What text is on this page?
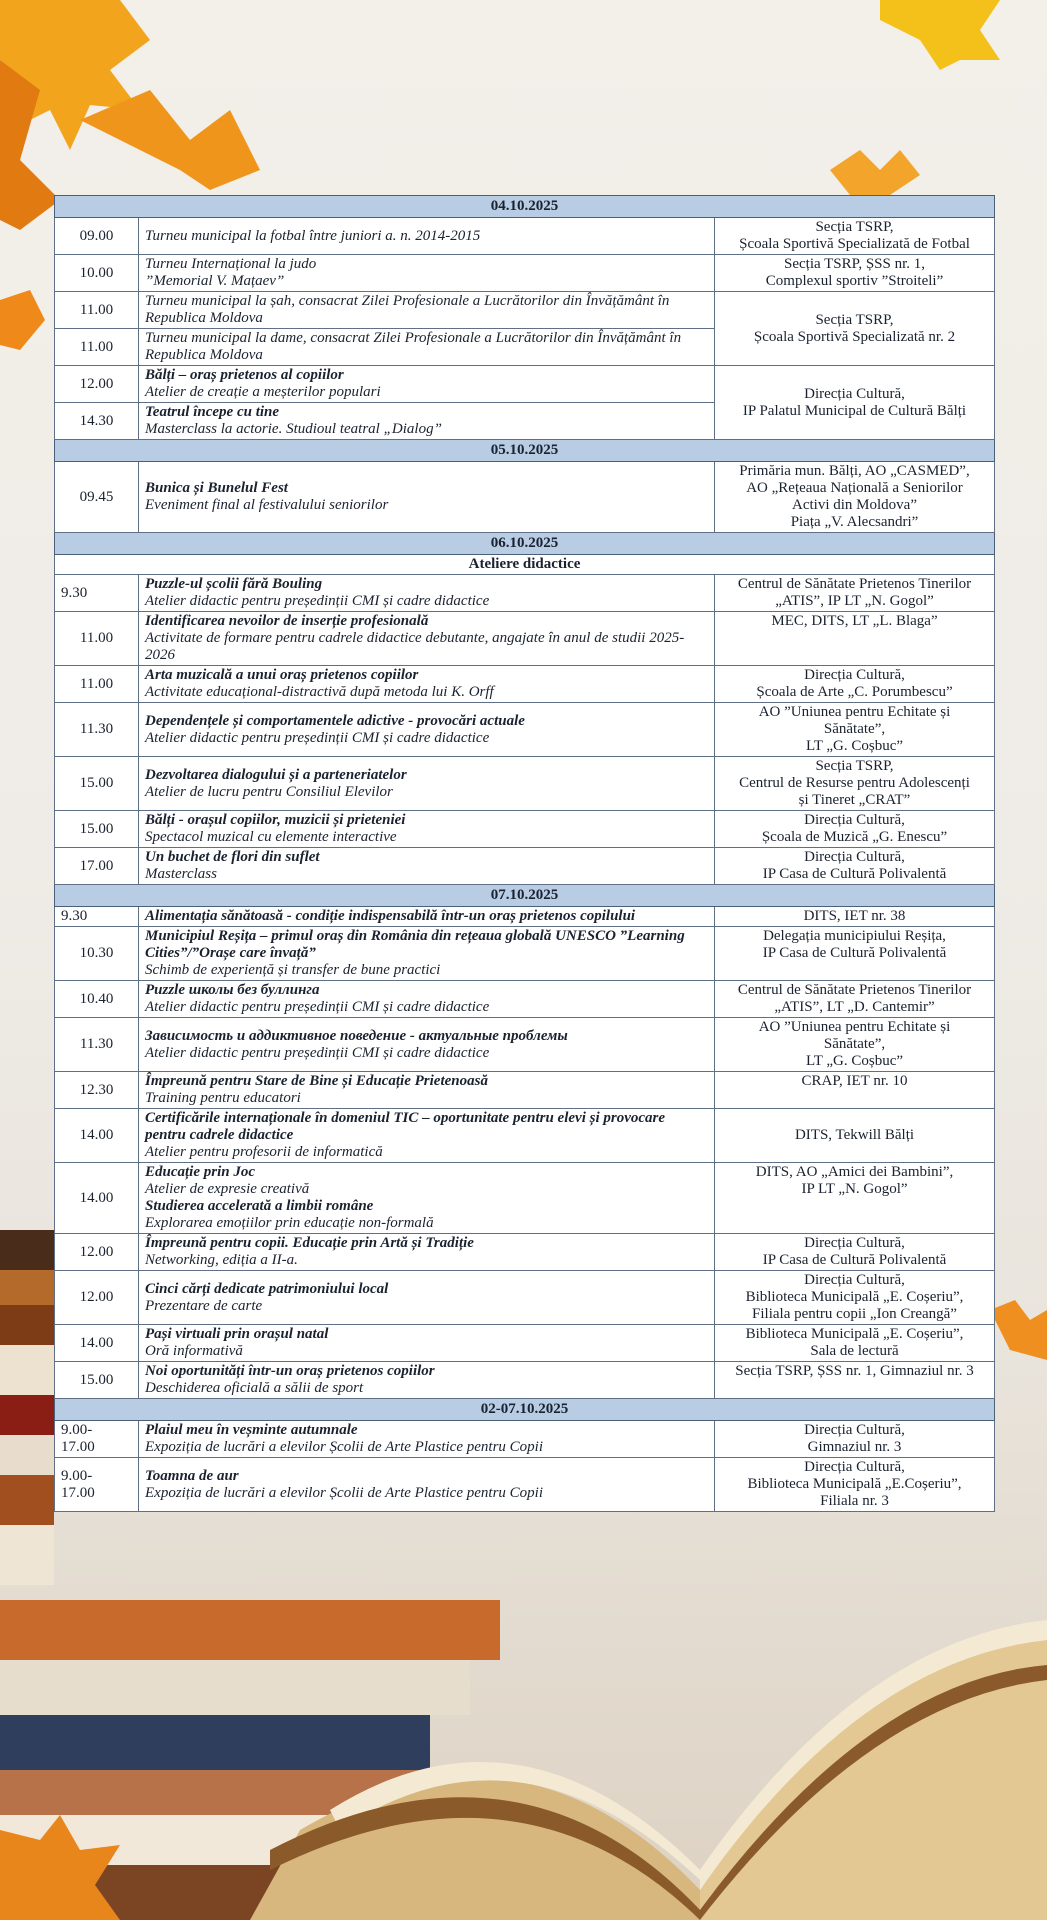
04.10.2025		
09.00	Turneu municipal la fotbal între juniori a. n. 2014-2015	Secția TSRP,
Școala Sportivă Specializată de Fotbal

10.00	Turneu Internațional la judo
”Memorial V. Mațaev”	Secția TSRP, ȘSS nr. 1,
Complexul sportiv ”Stroiteli”

11.00	Turneu municipal la șah, consacrat Zilei Profesionale a Lucrătorilor din Învățământ în Republica Moldova	Secția TSRP,
Școala Sportivă Specializată nr. 2

11.00	Turneu municipal la dame, consacrat Zilei Profesionale a Lucrătorilor din Învățământ în Republica Moldova	

12.00	Bălți – oraș prietenos al copiilor
Atelier de creație a meșterilor populari	Direcția Cultură,
IP Palatul Municipal de Cultură Bălți

14.30	Teatrul începe cu tine
Masterclass la actorie. Studioul teatral „Dialog”	

05.10.2025		
09.45	Bunica și Bunelul Fest
Eveniment final al festivalului seniorilor	Primăria mun. Bălți, AO „CASMED”,
AO „Rețeaua Națională a Seniorilor
Activi din Moldova”
Piața „V. Alecsandri”

06.10.2025		
Ateliere didactice		
9.30	Puzzle-ul școlii fără Bouling
Atelier didactic pentru președinții CMI și cadre didactice	Centrul de Sănătate Prietenos Tinerilor
„ATIS”, IP LT „N. Gogol”

11.00	Identificarea nevoilor de inserție profesională
Activitate de formare pentru cadrele didactice debutante, angajate în anul de studii 2025-2026	MEC, DITS, LT „L. Blaga”

11.00	Arta muzicală a unui oraș prietenos copiilor
Activitate educațional-distractivă după metoda lui K. Orff	Direcția Cultură,
Școala de Arte „C. Porumbescu”

11.30	Dependențele și comportamentele adictive - provocări actuale
Atelier didactic pentru președinții CMI și cadre didactice	AO ”Uniunea pentru Echitate și
Sănătate”,
LT „G. Coșbuc”

15.00	Dezvoltarea dialogului și a parteneriatelor
Atelier de lucru pentru Consiliul Elevilor	Secția TSRP,
Centrul de Resurse pentru Adolescenți
și Tineret „CRAT”

15.00	Bălți - orașul copiilor, muzicii și prieteniei
Spectacol muzical cu elemente interactive	Direcția Cultură,
Școala de Muzică „G. Enescu”

17.00	Un buchet de flori din suflet
Masterclass	Direcția Cultură,
IP Casa de Cultură Polivalentă

07.10.2025		
9.30	Alimentația sănătoasă - condiție indispensabilă într-un oraș prietenos copilului	DITS, IET nr. 38

10.30	Municipiul Reșița – primul oraș din România din rețeaua globală UNESCO ”Learning Cities”/”Orașe care învață”
Schimb de experiență și transfer de bune practici	Delegația municipiului Reșița,
IP Casa de Cultură Polivalentă

10.40	Puzzle школы без буллинга
Atelier didactic pentru președinții CMI și cadre didactice	Centrul de Sănătate Prietenos Tinerilor
„ATIS”, LT „D. Cantemir”

11.30	Зависимость и аддиктивное поведение - актуальные проблемы
Atelier didactic pentru președinții CMI și cadre didactice	AO ”Uniunea pentru Echitate și
Sănătate”,
LT „G. Coșbuc”

12.30	Împreună pentru Stare de Bine și Educație Prietenoasă
Training pentru educatori	CRAP, IET nr. 10

14.00	Certificările internaționale în domeniul TIC – oportunitate pentru elevi și provocare pentru cadrele didactice
Atelier pentru profesorii de informatică	DITS, Tekwill Bălți

14.00	Educație prin Joc
Atelier de expresie creativă
Studierea accelerată a limbii române
Explorarea emoțiilor prin educație non-formală	DITS, AO „Amici dei Bambini”,
IP LT „N. Gogol”

12.00	Împreună pentru copii. Educație prin Artă și Tradiție
Networking, ediția a II-a.	Direcția Cultură,
IP Casa de Cultură Polivalentă

12.00	Cinci cărți dedicate patrimoniului local
Prezentare de carte	Direcția Cultură,
Biblioteca Municipală „E. Coșeriu”,
Filiala pentru copii „Ion Creangă”

14.00	Pași virtuali prin orașul natal
Oră informativă	Biblioteca Municipală „E. Coșeriu”,
Sala de lectură

15.00	Noi oportunități într-un oraș prietenos copiilor
Deschiderea oficială a sălii de sport	Secția TSRP, ȘSS nr. 1, Gimnaziul nr. 3

02-07.10.2025		
9.00-
17.00	Plaiul meu în veșminte autumnale
Expoziția de lucrări a elevilor Școlii de Arte Plastice pentru Copii	Direcția Cultură,
Gimnaziul nr. 3

9.00-
17.00	Toamna de aur
Expoziția de lucrări a elevilor Școlii de Arte Plastice pentru Copii	Direcția Cultură,
Biblioteca Municipală „E.Coșeriu”,
Filiala nr. 3
